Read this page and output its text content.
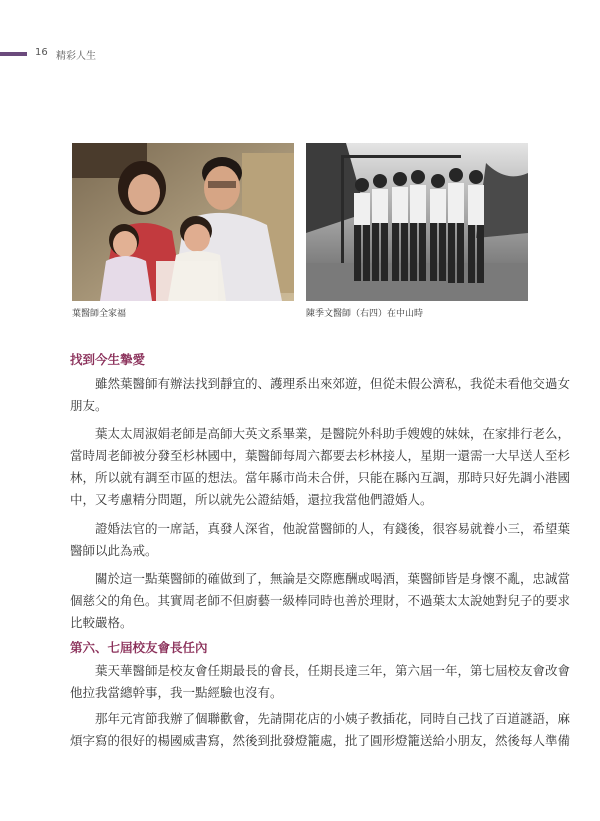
16 精彩人生
葉醫師全家福	陳季文醫師（右四）在中山時
找到今生摯愛
　　雖然葉醫師有辦法找到靜宜的、護理系出來郊遊，但從未假公濟私，我從未看他交過女
朋友。
　　葉太太周淑娟老師是高師大英文系畢業，是醫院外科助手嫂嫂的妹妹，在家排行老么，
當時周老師被分發至杉林國中，葉醫師每周六都要去杉林接人，星期一還需一大早送人至杉
林，所以就有調至市區的想法。當年縣市尚未合併，只能在縣內互調，那時只好先調小港國
中，又考慮精分問題，所以就先公證結婚，還拉我當他們證婚人。
　　證婚法官的一席話，真發人深省，他說當醫師的人，有錢後，很容易就養小三，希望葉
醫師以此為戒。
　　關於這一點葉醫師的確做到了，無論是交際應酬或喝酒，葉醫師皆是身懷不亂，忠誠當
個慈父的角色。其實周老師不但廚藝一級棒同時也善於理財，不過葉太太說她對兒子的要求
比較嚴格。
第六、七屆校友會長任內
　　葉天華醫師是校友會任期最長的會長，任期長達三年，第六屆一年，第七屆校友會改會
他拉我當總幹事，我一點經驗也沒有。
　　那年元宵節我辦了個聯歡會，先請開花店的小姨子教插花，同時自己找了百道謎語，麻
煩字寫的很好的楊國威書寫，然後到批發燈籠處，批了圓形燈籠送給小朋友，然後每人準備
